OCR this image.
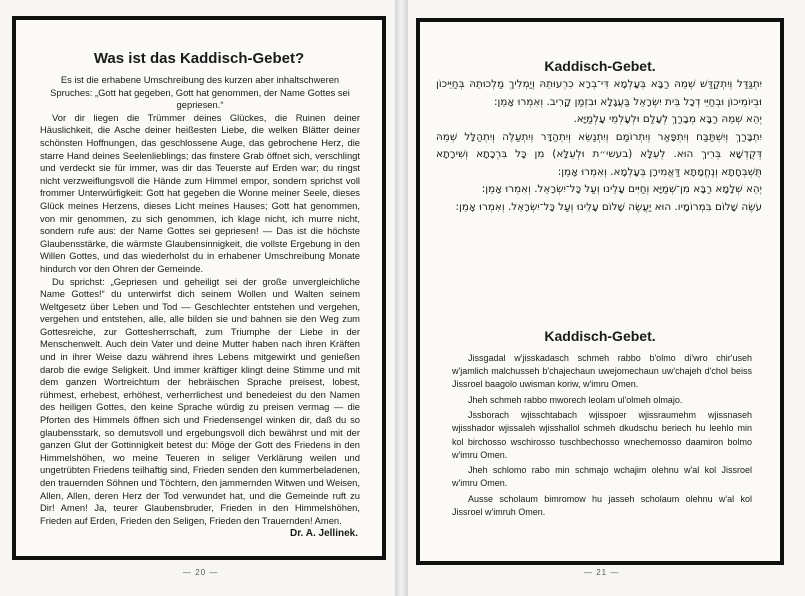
Was ist das Kaddisch-Gebet?

Es ist die erhabene Umschreibung des kurzen aber inhaltschweren Spruches: „Gott hat gegeben, Gott hat genommen, der Name Gottes sei gepriesen.“

Vor dir liegen die Trümmer deines Glückes, die Ruinen deiner Häuslichkeit, die Asche deiner heißesten Liebe, die welken Blätter deiner schönsten Hoffnungen, das geschlossene Auge, das gebrochene Herz, die starre Hand deines Seelenlieblings; das finstere Grab öffnet sich, verschlingt und verdeckt sie für immer, was dir das Teuerste auf Erden war; du ringst nicht verzweiflungsvoll die Hände zum Himmel empor, sondern sprichst voll frommer Unterwürfigkeit: Gott hat gegeben die Wonne meiner Seele, dieses Glück meines Herzens, dieses Licht meines Hauses; Gott hat genommen, von mir genommen, zu sich genommen, ich klage nicht, ich murre nicht, sondern rufe aus: der Name Gottes sei gepriesen! — Das ist die höchste Glaubensstärke, die wärmste Glaubensinnigkeit, die vollste Ergebung in den Willen Gottes, und das wiederholst du in erhabener Umschreibung Monate hindurch vor den Ohren der Gemeinde.

Du sprichst: „Gepriesen und geheiligt sei der große unvergleichliche Name Gottes!“ du unterwirfst dich seinem Wollen und Walten seinem Weltgesetz über Leben und Tod — Geschlechter entstehen und vergehen, vergehen und entstehen, alle, alle bilden sie und bahnen sie den Weg zum Gottesreiche, zur Gottesherrschaft, zum Triumphe der Liebe in der Menschenwelt. Auch dein Vater und deine Mutter haben nach ihren Kräften und in ihrer Weise dazu während ihres Lebens mitgewirkt und genießen darob die ewige Seligkeit. Und immer kräftiger klingt deine Stimme und mit dem ganzen Wortreichtum der hebräischen Sprache preisest, lobest, rühmest, erhebest, erhöhest, verherrlichest und benedeiest du den Namen des heiligen Gottes, den keine Sprache würdig zu preisen vermag — die Pforten des Himmels öffnen sich und Friedensengel winken dir, daß du so glaubensstark, so demutsvoll und ergebungsvoll dich bewährst und mit der ganzen Glut der Gottinnigkeit betest du: Möge der Gott des Friedens in den Himmelshöhen, wo meine Teueren in seliger Verklärung weilen und ungetrübten Friedens teilhaftig sind, Frieden senden den kummerbeladenen, den trauernden Söhnen und Töchtern, den jammernden Witwen und Weisen, Allen, Allen, deren Herz der Tod verwundet hat, und die Gemeinde ruft zu Dir! Amen! Ja, teurer Glaubensbruder, Frieden in den Himmelshöhen, Frieden auf Erden, Frieden den Seligen, Frieden den Trauernden! Amen.

Dr. A. Jellinek.
— 20 —
Kaddisch-Gebet.

יִתְגַּדַּל וְיִתְקַדַּשׁ שְׁמֵהּ רַבָּא בְּעָלְמָא דִּי־בְרָא כִרְעוּתֵהּ וְיַמְלִיךְ מַלְכוּתֵהּ בְּחַיֵּיכוֹן וּבְיוֹמֵיכוֹן וּבְחַיֵּי דְכָל בֵּית יִשְׂרָאֵל בַּעֲגָלָא וּבִזְמַן קָרִיב. וְאִמְרוּ אָמֵן:

יְהֵא שְׁמֵהּ רַבָּא מְבָרַךְ לְעָלַם וּלְעָלְמֵי עָלְמַיָּא.

יִתְבָּרַךְ וְיִשְׁתַּבַּח וְיִתְפָּאַר וְיִתְרוֹמַם וְיִתְנַשֵּׂא וְיִתְהַדָּר וְיִתְעַלֶּה וְיִתְהַלָּל שְׁמֵהּ דְּקֻדְשָׁא בְּרִיךְ הוּא. לְעֵלָּא (בעשי״ת וּלְעֵלָּא) מִן כָּל בִּרְכָתָא וְשִׁירָתָא תֻּשְׁבְּחָתָא וְנֶחֱמָתָא דַּאֲמִירָן בְּעָלְמָא. וְאִמְרוּ אָמֵן:

יְהֵא שְׁלָמָא רַבָּא מִן־שְׁמַיָּא וְחַיִּים עָלֵינוּ וְעַל כָּל־יִשְׂרָאֵל. וְאִמְרוּ אָמֵן:

עֹשֶׂה שָׁלוֹם בִּמְרוֹמָיו. הוּא יַעֲשֶׂה שָׁלוֹם עָלֵינוּ וְעַל כָּל־יִשְׂרָאֵל. וְאִמְרוּ אָמֵן:

Kaddisch-Gebet.

Jissgadal w'jisskadasch schmeh rabbo b'olmo di'wro chir'useh w'jamlich malchusseh b'chajechaun uwejomechaun uw'chajeh d'chol beiss Jissroel baagolo uwisman koriw, w'imru Omen.

Jheh schmeh rabbo mworech leolam ul'olmeh olmajo.

Jssborach wjisschtabach wjisspoer wjissraumehm wjissnaseh wjisshador wjissaleh wjisshallol schmeh dkudschu beriech hu leehlo min kol birchosso wschirosso tuschbechosso wnechemosso daamiron bolmo w'imru Omen.

Jheh schlomo rabo min schmajo wchajim olehnu w'al kol Jissroel w'imru Omen.

Ausse scholaum bimromow hu jasseh scholaum olehnu w'al kol Jissroel w'imruh Omen.

— 21 —
